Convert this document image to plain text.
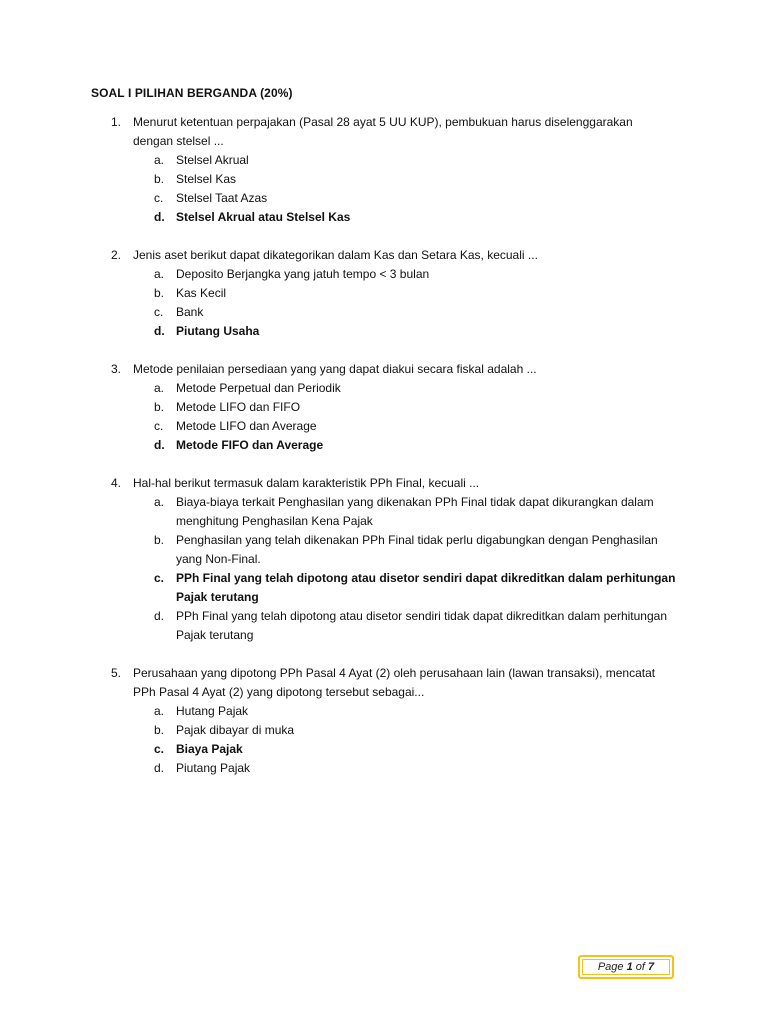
SOAL I PILIHAN BERGANDA (20%)
1. Menurut ketentuan perpajakan (Pasal 28 ayat 5 UU KUP), pembukuan harus diselenggarakan dengan stelsel ...
a. Stelsel Akrual
b. Stelsel Kas
c. Stelsel Taat Azas
d. Stelsel Akrual atau Stelsel Kas
2. Jenis aset berikut dapat dikategorikan dalam Kas dan Setara Kas, kecuali ...
a. Deposito Berjangka yang jatuh tempo < 3 bulan
b. Kas Kecil
c. Bank
d. Piutang Usaha
3. Metode penilaian persediaan yang yang dapat diakui secara fiskal adalah ...
a. Metode Perpetual dan Periodik
b. Metode LIFO dan FIFO
c. Metode LIFO dan Average
d. Metode FIFO dan Average
4. Hal-hal berikut termasuk dalam karakteristik PPh Final, kecuali ...
a. Biaya-biaya terkait Penghasilan yang dikenakan PPh Final tidak dapat dikurangkan dalam menghitung Penghasilan Kena Pajak
b. Penghasilan yang telah dikenakan PPh Final tidak perlu digabungkan dengan Penghasilan yang Non-Final.
c. PPh Final yang telah dipotong atau disetor sendiri dapat dikreditkan dalam perhitungan Pajak terutang
d. PPh Final yang telah dipotong atau disetor sendiri tidak dapat dikreditkan dalam perhitungan Pajak terutang
5. Perusahaan yang dipotong PPh Pasal 4 Ayat (2) oleh perusahaan lain (lawan transaksi), mencatat PPh Pasal 4 Ayat (2) yang dipotong tersebut sebagai...
a. Hutang Pajak
b. Pajak dibayar di muka
c. Biaya Pajak
d. Piutang Pajak
Page
1
of
7
